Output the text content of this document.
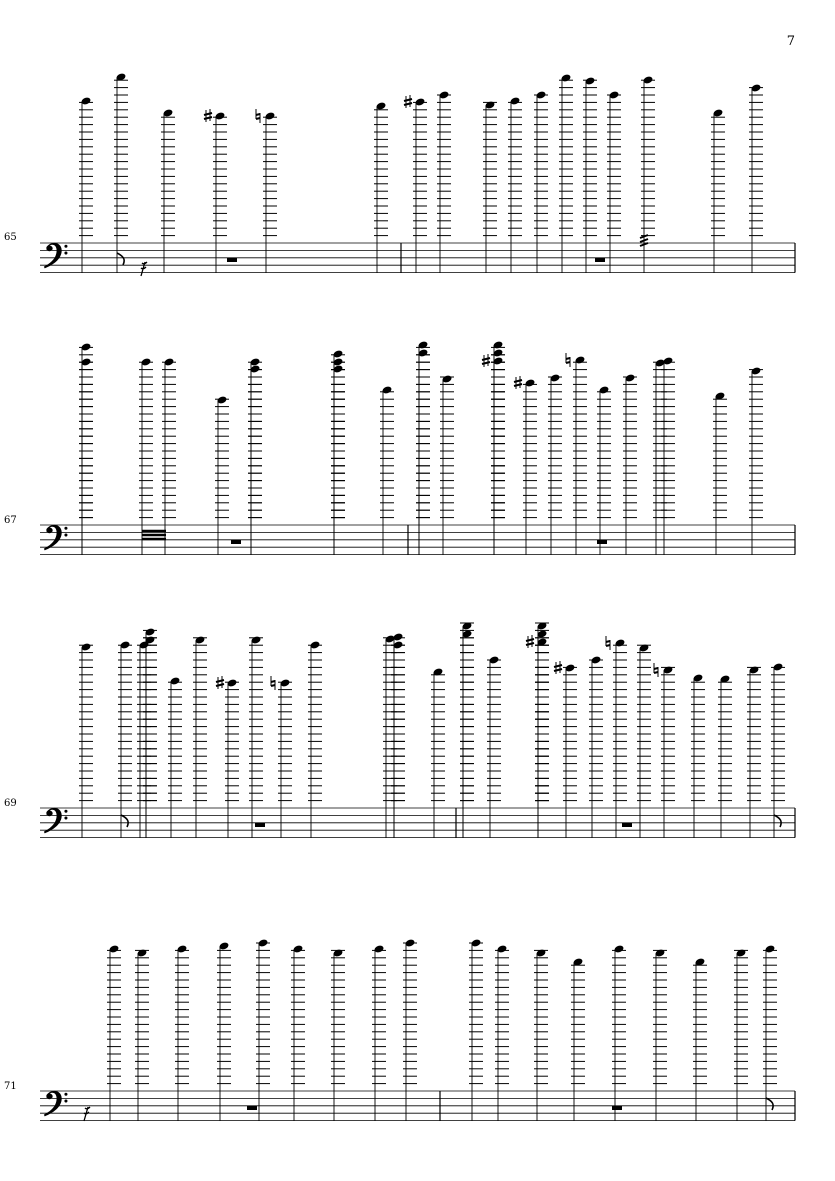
7
65
67
69
71
